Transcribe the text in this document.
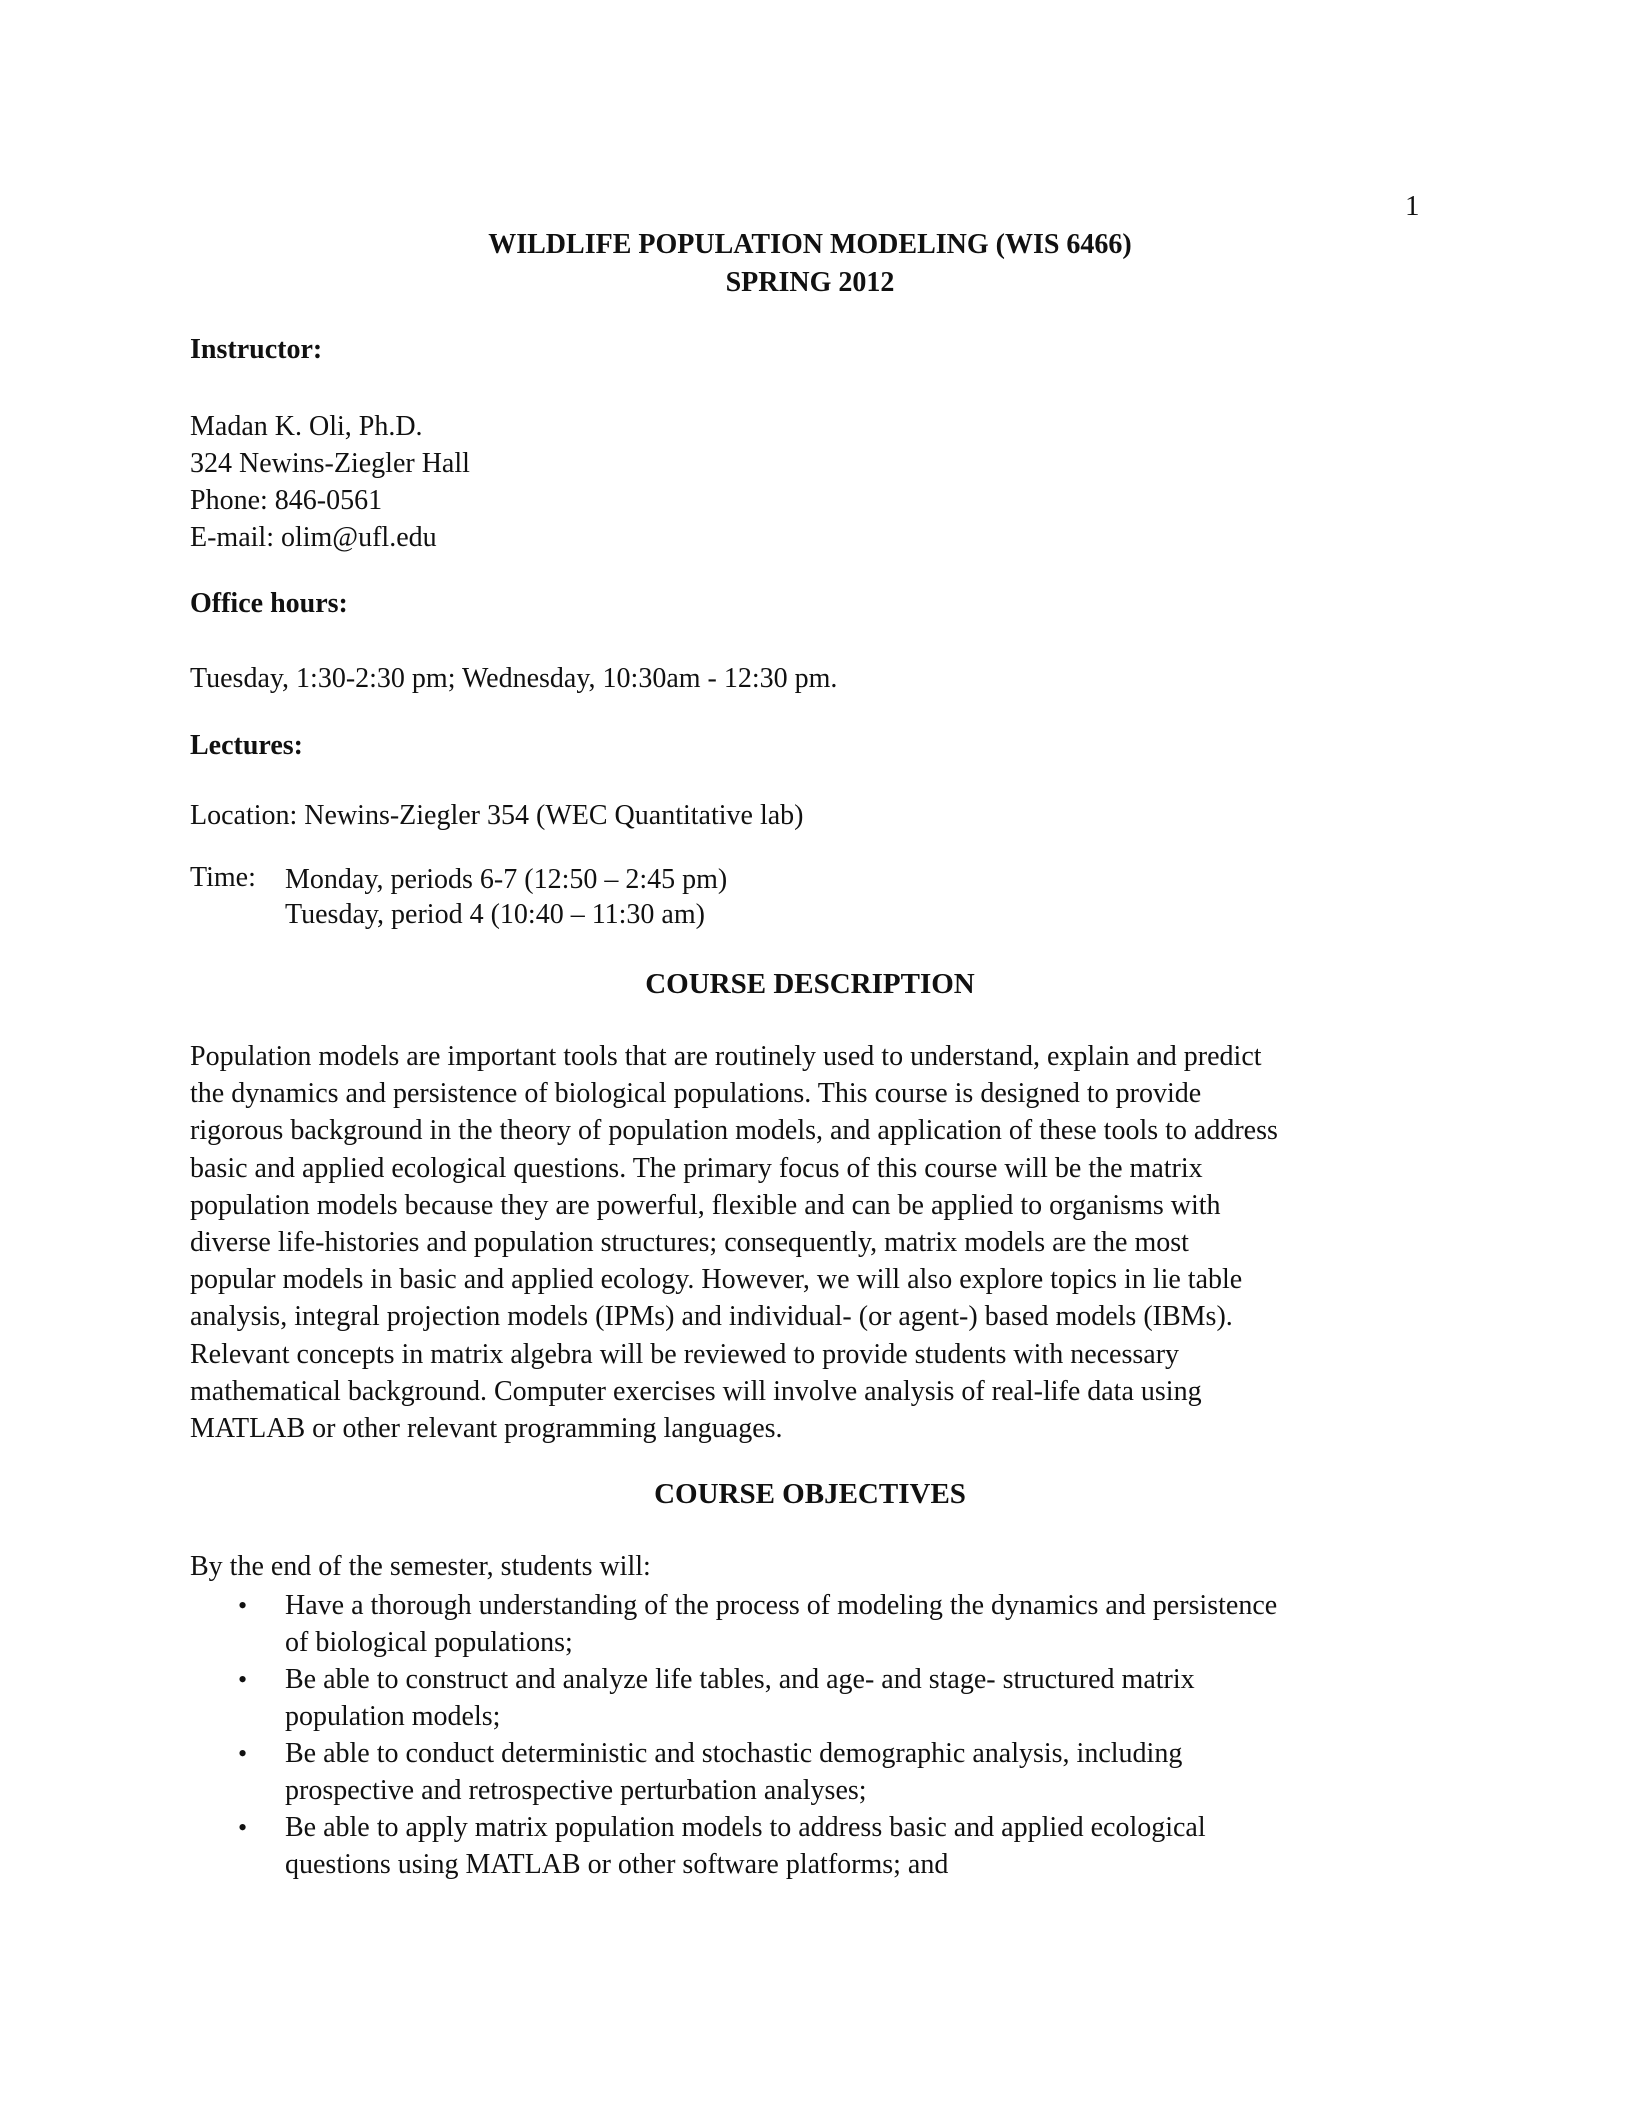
1
WILDLIFE POPULATION MODELING (WIS 6466)
SPRING 2012
Instructor:
Madan K. Oli, Ph.D.
324 Newins-Ziegler Hall
Phone: 846-0561
E-mail: olim@ufl.edu
Office hours:
Tuesday, 1:30-2:30 pm; Wednesday, 10:30am - 12:30 pm.
Lectures:
Location: Newins-Ziegler 354 (WEC Quantitative lab)
Time: Monday, periods 6-7 (12:50 – 2:45 pm)
Tuesday, period 4 (10:40 – 11:30 am)
COURSE DESCRIPTION
Population models are important tools that are routinely used to understand, explain and predict
the dynamics and persistence of biological populations. This course is designed to provide
rigorous background in the theory of population models, and application of these tools to address
basic and applied ecological questions. The primary focus of this course will be the matrix
population models because they are powerful, flexible and can be applied to organisms with
diverse life-histories and population structures; consequently, matrix models are the most
popular models in basic and applied ecology. However, we will also explore topics in lie table
analysis, integral projection models (IPMs) and individual- (or agent-) based models (IBMs).
Relevant concepts in matrix algebra will be reviewed to provide students with necessary
mathematical background. Computer exercises will involve analysis of real-life data using
MATLAB or other relevant programming languages.
COURSE OBJECTIVES
By the end of the semester, students will:
• Have a thorough understanding of the process of modeling the dynamics and persistence
of biological populations;
• Be able to construct and analyze life tables, and age- and stage- structured matrix
population models;
• Be able to conduct deterministic and stochastic demographic analysis, including
prospective and retrospective perturbation analyses;
• Be able to apply matrix population models to address basic and applied ecological
questions using MATLAB or other software platforms; and
